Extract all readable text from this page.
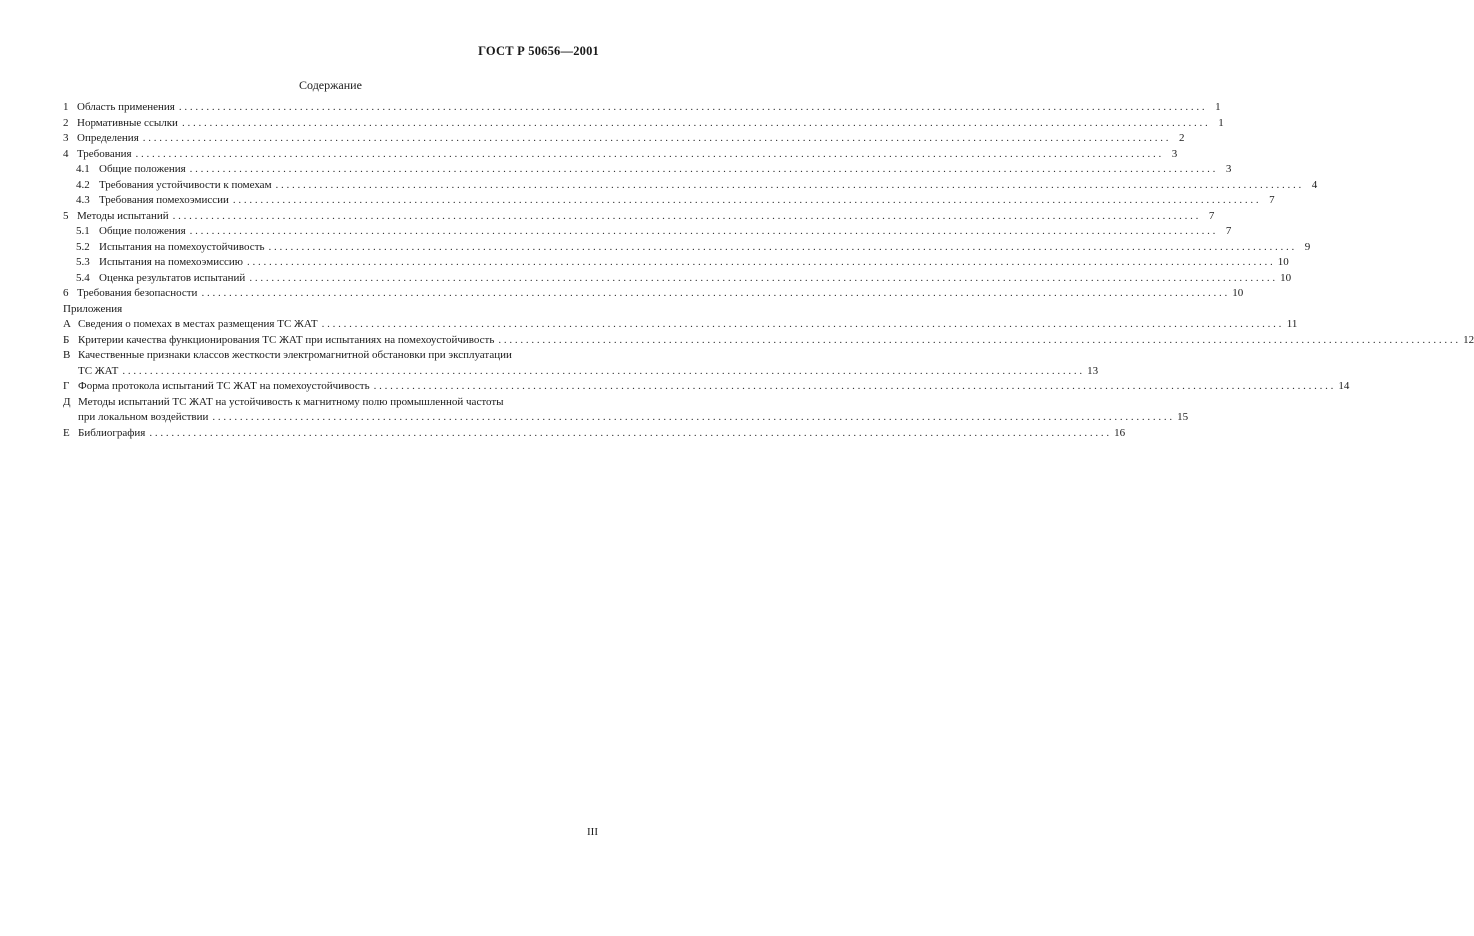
ГОСТ Р 50656—2001
Содержание
1 Область применения . . .	1
2 Нормативные ссылки . . .	1
3 Определения . . .	2
4 Требования . . .	3
4.1 Общие положения . . .	3
4.2 Требования устойчивости к помехам . . .	4
4.3 Требования помехоэмиссии . . .	7
5 Методы испытаний . . .	7
5.1 Общие положения . . .	7
5.2 Испытания на помехоустойчивость . . .	9
5.3 Испытания на помехоэмиссию . . .	10
5.4 Оценка результатов испытаний . . .	10
6 Требования безопасности . . .	10
Приложения
А Сведения о помехах в местах размещения ТС ЖАТ . . .	11
Б Критерии качества функционирования ТС ЖАТ при испытаниях на помехоустойчивость . . .	12
В Качественные признаки классов жесткости электромагнитной обстановки при эксплуатации
ТС ЖАТ . . .	13
Г Форма протокола испытаний ТС ЖАТ на помехоустойчивость . . .	14
Д Методы испытаний ТС ЖАТ на устойчивость к магнитному полю промышленной частоты
при локальном воздействии . . .	15
Е Библиография . . .	16
III
